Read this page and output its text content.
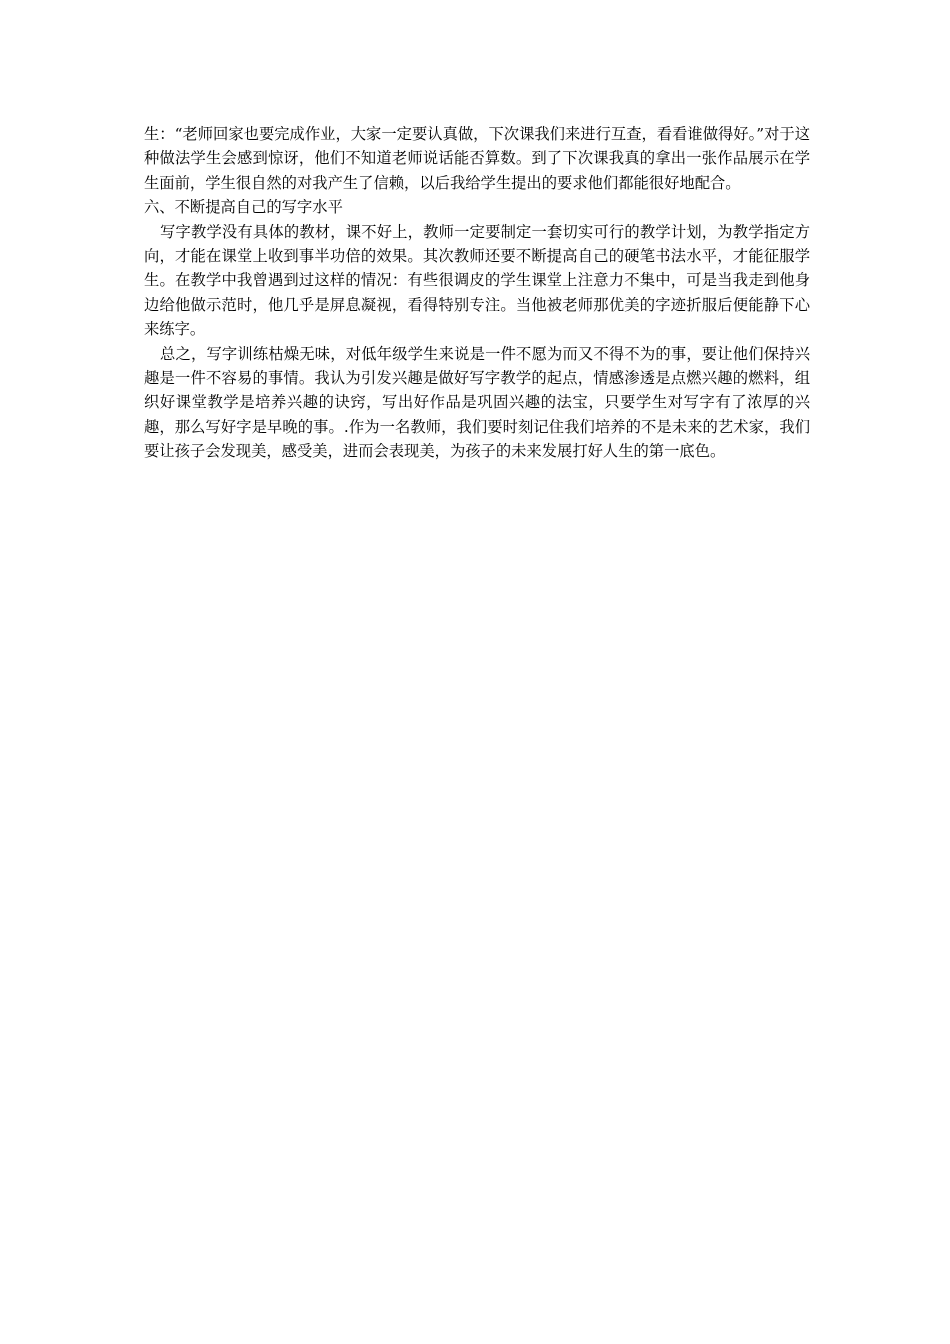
生：“老师回家也要完成作业，大家一定要认真做，下次课我们来进行互查，看看谁做得好。”对于这种做法学生会感到惊讶，他们不知道老师说话能否算数。到了下次课我真的拿出一张作品展示在学生面前，学生很自然的对我产生了信赖，以后我给学生提出的要求他们都能很好地配合。

六、不断提高自己的写字水平

写字教学没有具体的教材，课不好上，教师一定要制定一套切实可行的教学计划，为教学指定方向，才能在课堂上收到事半功倍的效果。其次教师还要不断提高自己的硬笔书法水平，才能征服学生。在教学中我曾遇到过这样的情况：有些很调皮的学生课堂上注意力不集中，可是当我走到他身边给他做示范时，他几乎是屏息凝视，看得特别专注。当他被老师那优美的字迹折服后便能静下心来练字。

总之，写字训练枯燥无味，对低年级学生来说是一件不愿为而又不得不为的事，要让他们保持兴趣是一件不容易的事情。我认为引发兴趣是做好写字教学的起点，情感渗透是点燃兴趣的燃料，组织好课堂教学是培养兴趣的诀窍，写出好作品是巩固兴趣的法宝，只要学生对写字有了浓厚的兴趣，那么写好字是早晚的事。.作为一名教师，我们要时刻记住我们培养的不是未来的艺术家，我们要让孩子会发现美，感受美，进而会表现美，为孩子的未来发展打好人生的第一底色。
